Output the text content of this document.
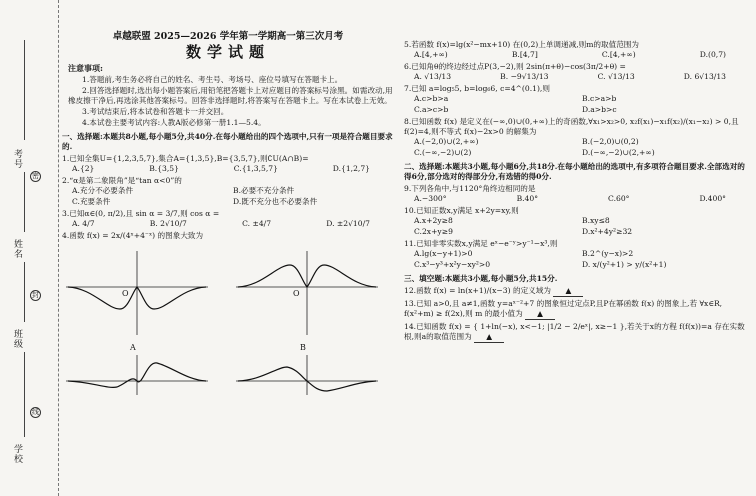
考号
姓名
班级
学校
密
封
线
卓越联盟 2025—2026 学年第一学期高一第三次月考
数学试题
注意事项:
1.答题前,考生务必将自己的姓名、考生号、考场号、座位号填写在答题卡上。
2.回答选择题时,选出每小题答案后,用铅笔把答题卡上对应题目的答案标号涂黑。如需改动,用橡皮擦干净后,再选涂其他答案标号。回答非选择题时,将答案写在答题卡上。写在本试卷上无效。
3.考试结束后,将本试卷和答题卡一并交回。
4.本试卷主要考试内容:人教A版必修第一册1.1—5.4。
一、选择题:本题共8小题,每小题5分,共40分.在每小题给出的四个选项中,只有一项是符合题目要求的.
1.已知全集U={1,2,3,5,7},集合A={1,3,5},B={3,5,7},则∁U(A∩B)=
A.{2}	B.{3,5}	C.{1,3,5,7}	D.{1,2,7}
2.“α是第二象限角”是“tan α<0”的
A.充分不必要条件	B.必要不充分条件
C.充要条件	D.既不充分也不必要条件
3.已知α∈(0, π/2),且 sin α = 3/7,则 cos α =
A. 4/7	B. 2√10/7	C. ±4/7	D. ±2√10/7
4.函数 f(x) = 2x/(4ˣ+4⁻ˣ) 的图象大致为
O
A
O
B
5.若函数 f(x)=lg(x²−mx+10) 在(0,2)上单调递减,则m的取值范围为
A.[4,+∞)	B.[4,7]	C.[4,+∞)	D.(0,7)
6.已知角θ的终边经过点P(3,−2),则 2sin(π+θ)−cos(3π/2+θ) =
A. √13/13	B. −9√13/13	C. √13/13	D. 6√13/13
7.已知 a=log₅5, b=log₆6, c=4^(0.1),则
A.c>b>a	B.c>a>b
C.a>c>b	D.a>b>c
8.已知函数 f(x) 是定义在(−∞,0)∪(0,+∞)上的奇函数,∀x₁>x₂>0, x₂f(x₁)−x₁f(x₂)/(x₁−x₂) > 0,且 f(2)=4,则不等式 f(x)−2x>0 的解集为
A.(−2,0)∪(2,+∞)	B.(−2,0)∪(0,2)
C.(−∞,−2)∪(2)	D.(−∞,−2)∪(2,+∞)
二、选择题:本题共3小题,每小题6分,共18分.在每小题给出的选项中,有多项符合题目要求.全部选对的得6分,部分选对的得部分分,有选错的得0分.
9.下列各角中,与1120°角终边相同的是
A.−300°	B.40°	C.60°	D.400°
10.已知正数x,y满足 x+2y=xy,则
A.x+2y≥8	B.xy≤8
C.2x+y≥9	D.x²+4y²≥32
11.已知非零实数x,y满足 eˣ−e⁻ʸ>y⁻¹−x³,则
A.lg(x−y+1)>0	B.2^(y−x)>2
C.x³−y³+x²y−xy²>0	D. x/(y²+1) > y/(x²+1)
三、填空题:本题共3小题,每小题5分,共15分.
12.函数 f(x) = ln(x+1)/(x−3) 的定义域为 ▲
13.已知 a>0,且 a≠1,函数 y=aˣ⁻²+7 的图象恒过定点P,且P在幂函数 f(x) 的图象上,若 ∀x∈R, f(x²+m) ≥ f(2x),则 m 的最小值为 ▲
14.已知函数 f(x) = { 1+ln(−x), x<−1; |1/2 − 2/eˣ|, x≥−1 },若关于x的方程 f(f(x))=a 存在实数根,则a的取值范围为 ▲
